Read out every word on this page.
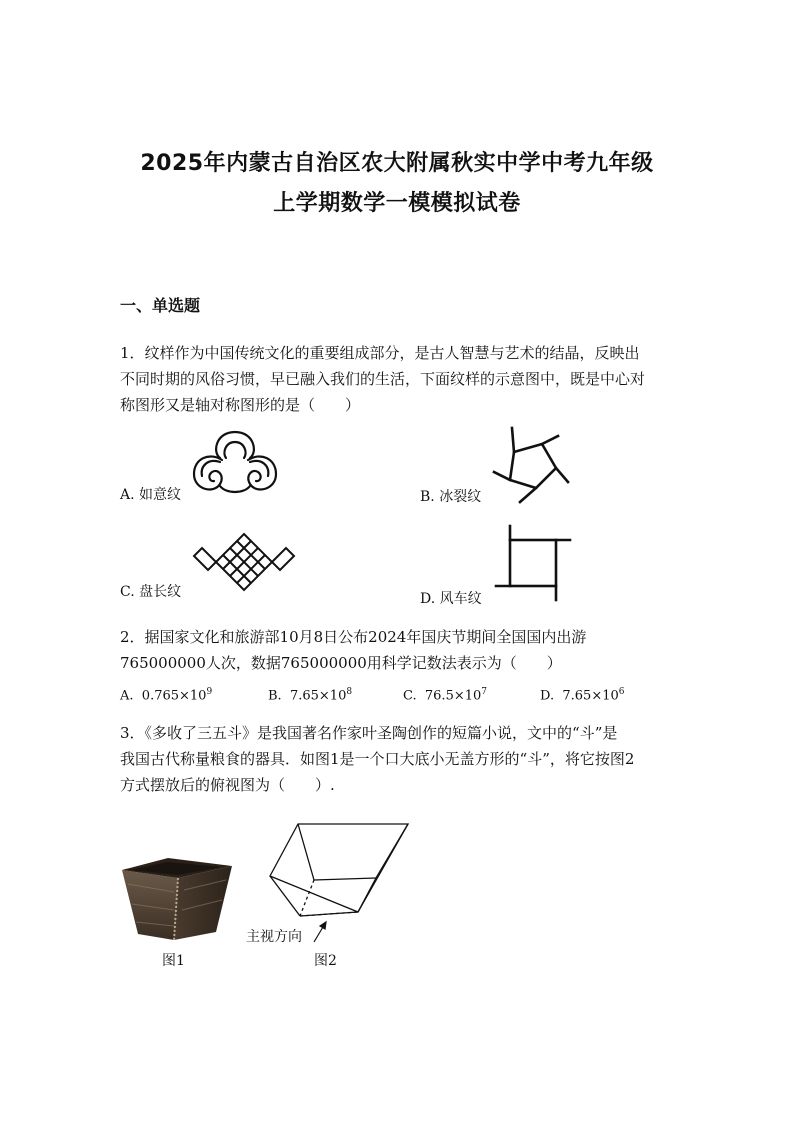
2025年内蒙古自治区农大附属秋实中学中考九年级
上学期数学一模模拟试卷
一、单选题
1．纹样作为中国传统文化的重要组成部分，是古人智慧与艺术的结晶，反映出
不同时期的风俗习惯，早已融入我们的生活，下面纹样的示意图中，既是中心对
称图形又是轴对称图形的是（　　）
A. 如意纹	B. 冰裂纹
C. 盘长纹	D. 风车纹
2．据国家文化和旅游部10月8日公布2024年国庆节期间全国国内出游
765000000人次，数据765000000用科学记数法表示为（　　）
A. $0.765\times 10^9$	B. $7.65\times 10^8$	C. $76.5\times 10^7$	D. $7.65\times 10^6$
3．《多收了三五斗》是我国著名作家叶圣陶创作的短篇小说，文中的“斗”是
我国古代称量粮食的器具．如图1是一个口大底小无盖方形的“斗”，将它按图2
方式摆放后的俯视图为（　　）.
图1
主视方向
图2
